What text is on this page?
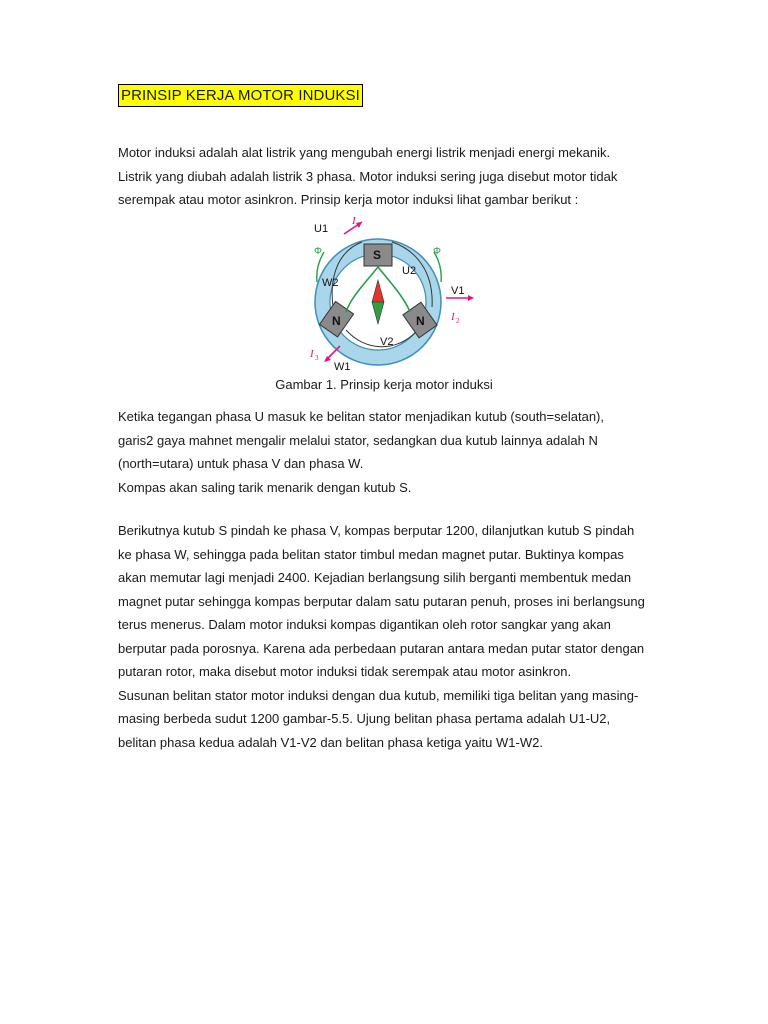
PRINSIP KERJA MOTOR INDUKSI
Motor induksi adalah alat listrik yang mengubah energi listrik menjadi energi mekanik.
Listrik yang diubah adalah listrik 3 phasa. Motor induksi sering juga disebut motor tidak
serempak atau motor asinkron. Prinsip kerja motor induksi lihat gambar berikut :
U1
I 1
Φ	Φ
S
U2
W2
V1
N	N I 2
V2
I 3
W1

Gambar 1. Prinsip kerja motor induksi

Ketika tegangan phasa U masuk ke belitan stator menjadikan kutub (south=selatan),
garis2 gaya mahnet mengalir melalui stator, sedangkan dua kutub lainnya adalah N
(north=utara) untuk phasa V dan phasa W.
Kompas akan saling tarik menarik dengan kutub S.
Berikutnya kutub S pindah ke phasa V, kompas berputar 1200, dilanjutkan kutub S pindah
ke phasa W, sehingga pada belitan stator timbul medan magnet putar. Buktinya kompas
akan memutar lagi menjadi 2400. Kejadian berlangsung silih berganti membentuk medan
magnet putar sehingga kompas berputar dalam satu putaran penuh, proses ini berlangsung
terus menerus. Dalam motor induksi kompas digantikan oleh rotor sangkar yang akan
berputar pada porosnya. Karena ada perbedaan putaran antara medan putar stator dengan
putaran rotor, maka disebut motor induksi tidak serempak atau motor asinkron.
Susunan belitan stator motor induksi dengan dua kutub, memiliki tiga belitan yang masing-
masing berbeda sudut 1200 gambar-5.5. Ujung belitan phasa pertama adalah U1-U2,
belitan phasa kedua adalah V1-V2 dan belitan phasa ketiga yaitu W1-W2.
